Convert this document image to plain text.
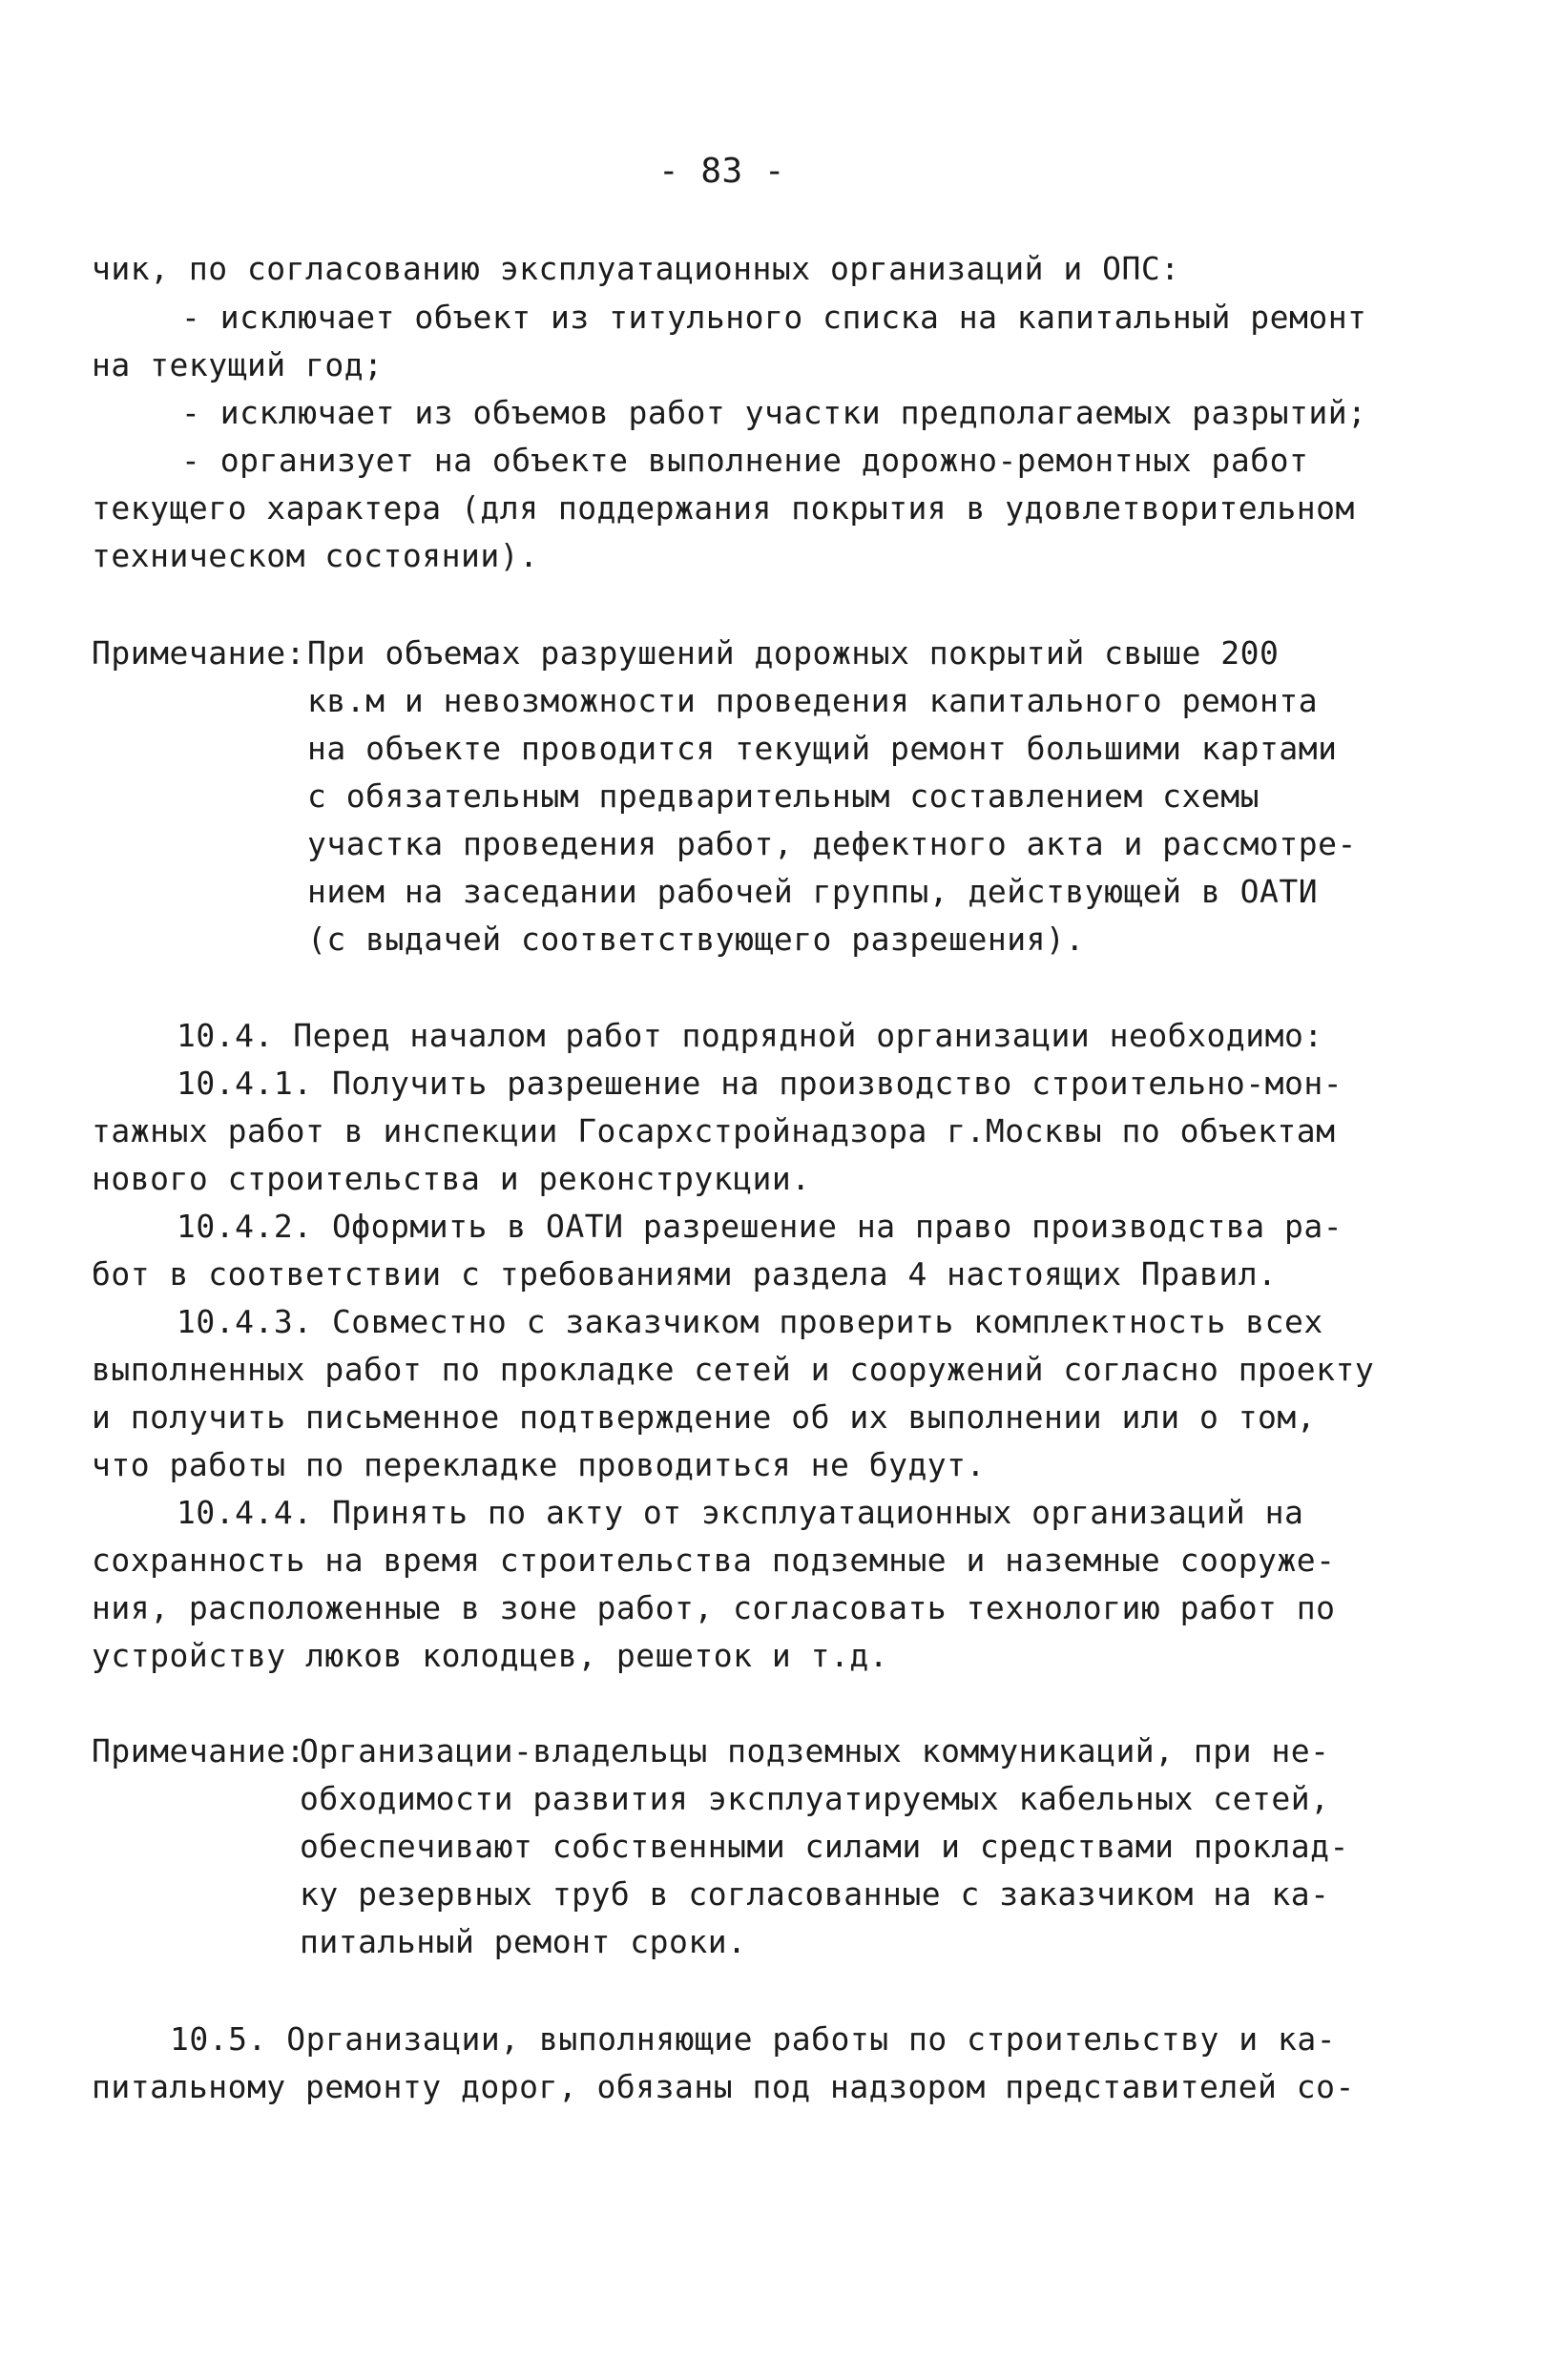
- 83 -
чик, по согласованию эксплуатационных организаций и ОПС:
- исключает объект из титульного списка на капитальный ремонт
на текущий год;
- исключает из объемов работ участки предполагаемых разрытий;
- организует на объекте выполнение дорожно-ремонтных работ
текущего характера (для поддержания покрытия в удовлетворительном
техническом состоянии).
Примечание: При объемах разрушений дорожных покрытий свыше 200
кв.м и невозможности проведения капитального ремонта
на объекте проводится текущий ремонт большими картами
с обязательным предварительным составлением схемы
участка проведения работ, дефектного акта и рассмотре-
нием на заседании рабочей группы, действующей в ОАТИ
(с выдачей соответствующего разрешения).
10.4. Перед началом работ подрядной организации необходимо:
10.4.1. Получить разрешение на производство строительно-мон-
тажных работ в инспекции Госархстройнадзора г.Москвы по объектам
нового строительства и реконструкции.
10.4.2. Оформить в ОАТИ разрешение на право производства ра-
бот в соответствии с требованиями раздела 4 настоящих Правил.
10.4.3. Совместно с заказчиком проверить комплектность всех
выполненных работ по прокладке сетей и сооружений согласно проекту
и получить письменное подтверждение об их выполнении или о том,
что работы по перекладке проводиться не будут.
10.4.4. Принять по акту от эксплуатационных организаций на
сохранность на время строительства подземные и наземные сооруже-
ния, расположенные в зоне работ, согласовать технологию работ по
устройству люков колодцев, решеток и т.д.
Примечание:
Организации-владельцы подземных коммуникаций, при не-
обходимости развития эксплуатируемых кабельных сетей,
обеспечивают собственными силами и средствами проклад-
ку резервных труб в согласованные с заказчиком на ка-
питальный ремонт сроки.
10.5. Организации, выполняющие работы по строительству и ка-
питальному ремонту дорог, обязаны под надзором представителей со-
